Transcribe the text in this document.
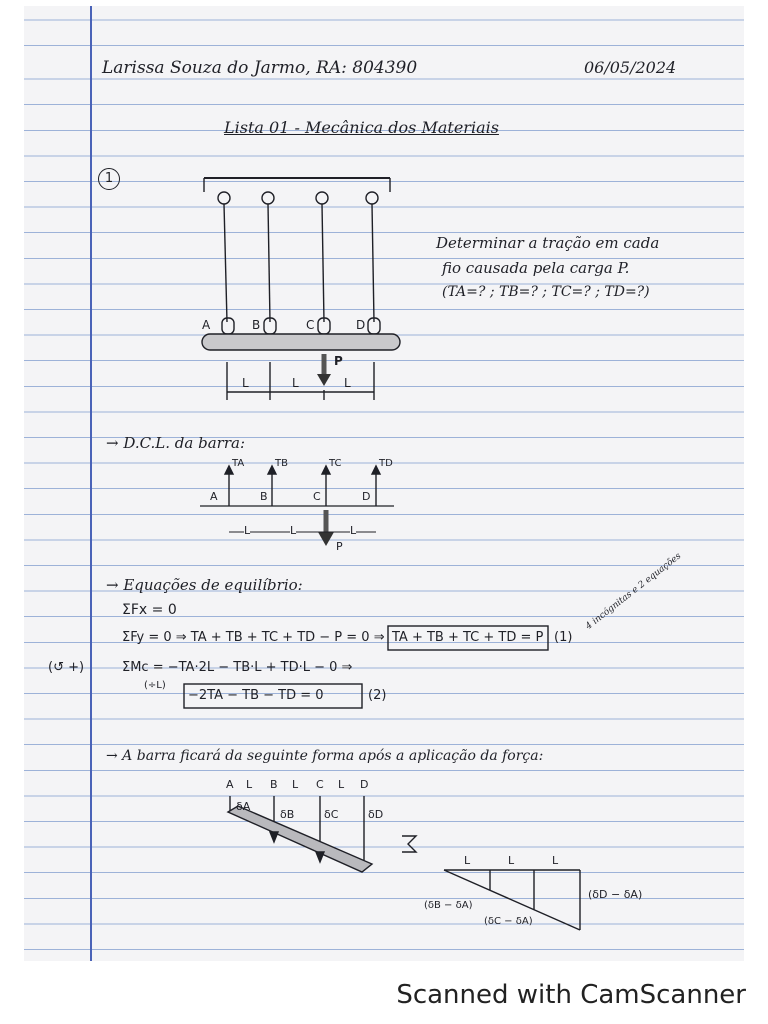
Larissa Souza do Jarmo, RA: 804390	06/05/2024
Lista 01 - Mecânica dos Materiais
1
Determinar a tração em cada
fio causada pela carga P.
(TA=? ; TB=? ; TC=? ; TD=?)
A	B	C	D
P
L	L	L
→ D.C.L. da barra:
TA	TB	TC	TD
A	B	C	D
P
L	L	L
→ Equações de equilíbrio:
ΣFx = 0
ΣFy = 0 ⇒ TA + TB + TC + TD − P = 0 ⇒ TA + TB + TC + TD = P (1)
(↺ +)	ΣMc = −TA·2L − TB·L + TD·L − 0 ⇒
(÷L)
−2TA − TB − TD = 0	(2)
4 incógnitas e 2 equações
→ A barra ficará da seguinte forma após a aplicação da força:
A L B L C L D
δA
δB	δC	δD
L	L	L
(δB − δA)
(δC − δA)
(δD − δA)
Scanned with CamScanner
